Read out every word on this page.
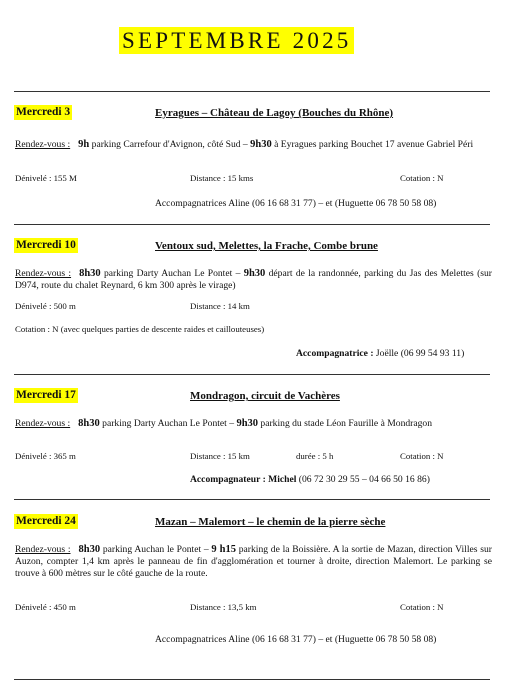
SEPTEMBRE 2025
Mercredi 3	Eyragues – Château de Lagoy (Bouches du Rhône)
Rendez-vous : 9h parking Carrefour d'Avignon, côté Sud – 9h30 à Eyragues parking Bouchet 17 avenue Gabriel Péri
Dénivelé : 155 M	Distance : 15 kms	Cotation : N
Accompagnatrices Aline (06 16 68 31 77) – et (Huguette 06 78 50 58 08)
Mercredi 10	Ventoux sud, Melettes, la Frache, Combe brune
Rendez-vous : 8h30 parking Darty Auchan Le Pontet – 9h30 départ de la randonnée, parking du Jas des Melettes (sur D974, route du chalet Reynard, 6 km 300 après le virage)
Dénivelé : 500 m	Distance : 14 km
Cotation : N (avec quelques parties de descente raides et caillouteuses)
Accompagnatrice : Joëlle (06 99 54 93 11)
Mercredi 17	Mondragon, circuit de Vachères
Rendez-vous : 8h30 parking Darty Auchan Le Pontet – 9h30 parking du stade Léon Faurille à Mondragon
Dénivelé : 365 m	Distance : 15 km	durée : 5 h	Cotation : N
Accompagnateur : Michel (06 72 30 29 55 – 04 66 50 16 86)
Mercredi 24	Mazan – Malemort – le chemin de la pierre sèche
Rendez-vous : 8h30 parking Auchan le Pontet – 9 h15 parking de la Boissière. A la sortie de Mazan, direction Villes sur Auzon, compter 1,4 km après le panneau de fin d'agglomération et tourner à droite, direction Malemort. Le parking se trouve à 600 mètres sur le côté gauche de la route.
Dénivelé : 450 m	Distance : 13,5 km	Cotation : N
Accompagnatrices Aline (06 16 68 31 77) – et (Huguette 06 78 50 58 08)
